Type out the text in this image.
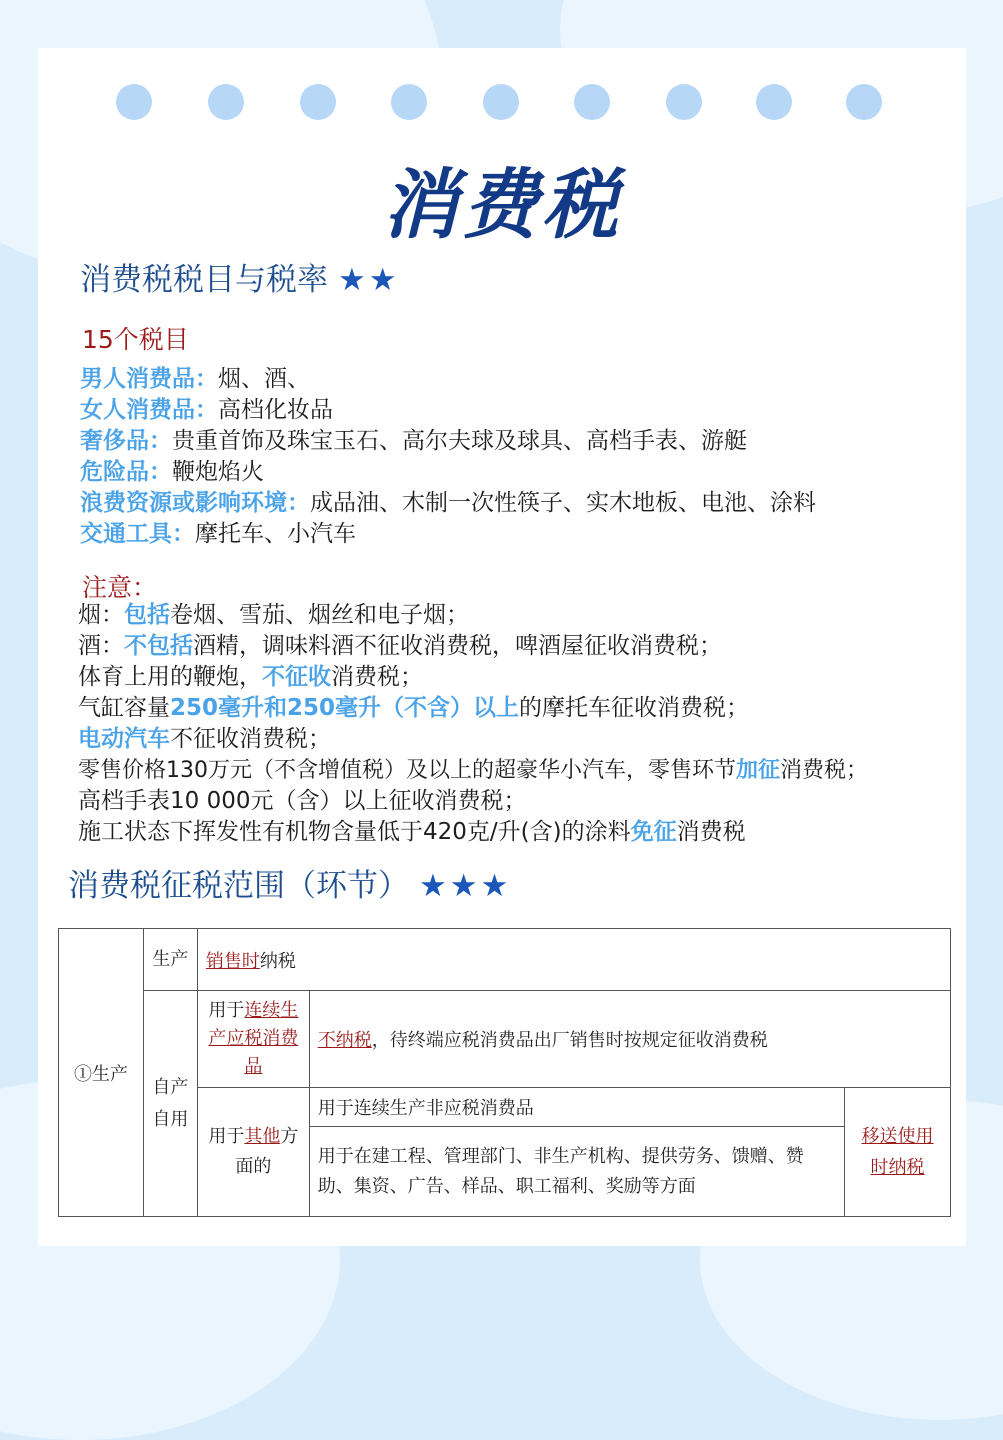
消费税
消费税税目与税率 ★★
15个税目
男人消费品：烟、酒、
女人消费品：高档化妆品
奢侈品：贵重首饰及珠宝玉石、高尔夫球及球具、高档手表、游艇
危险品：鞭炮焰火
浪费资源或影响环境：成品油、木制一次性筷子、实木地板、电池、涂料
交通工具：摩托车、小汽车
注意：
烟：包括卷烟、雪茄、烟丝和电子烟；
酒：不包括酒精，调味料酒不征收消费税，啤酒屋征收消费税；
体育上用的鞭炮，不征收消费税；
气缸容量250毫升和250毫升（不含）以上的摩托车征收消费税；
电动汽车不征收消费税；
零售价格130万元（不含增值税）及以上的超豪华小汽车，零售环节加征消费税；
高档手表10 000元（含）以上征收消费税；
施工状态下挥发性有机物含量低于420克/升(含)的涂料免征消费税
消费税征税范围（环节） ★★★
①生产	生产	销售时纳税		
	自产自用	用于连续生产应税消费品	不纳税，待终端应税消费品出厂销售时按规定征收消费税	
		用于其他方面的	用于连续生产非应税消费品	移送使用时纳税
			用于在建工程、管理部门、非生产机构、提供劳务、馈赠、赞助、集资、广告、样品、职工福利、奖励等方面	
